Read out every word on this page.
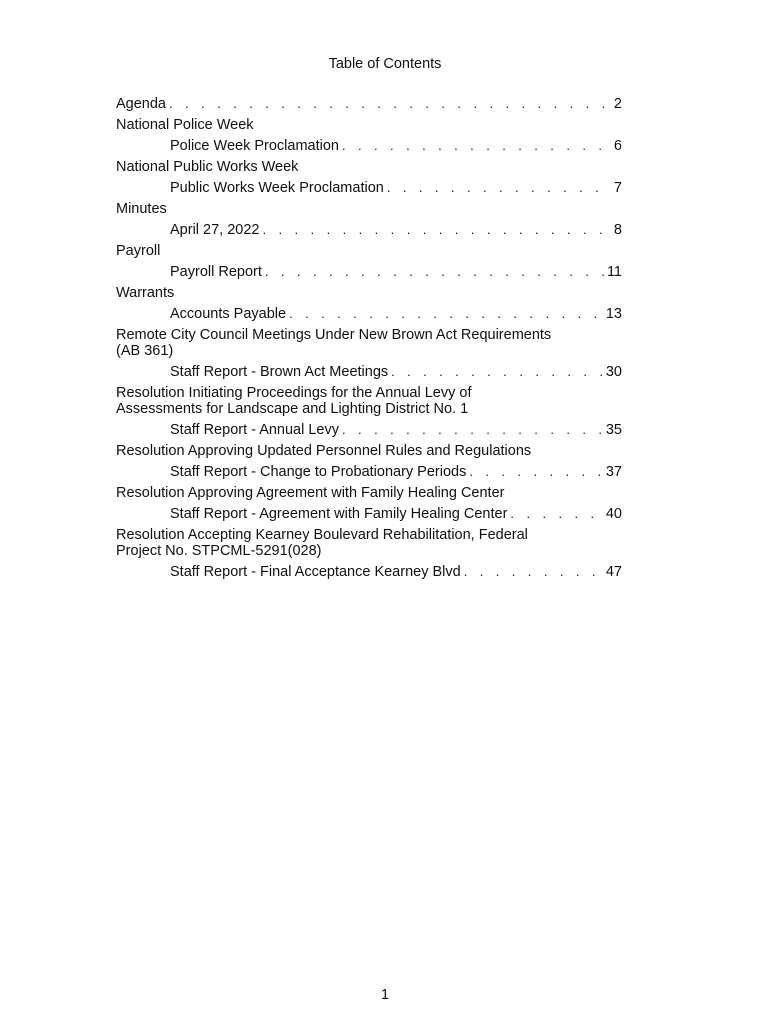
Table of Contents
Agenda . . .	2
National Police Week
Police Week Proclamation . . .	6
National Public Works Week
Public Works Week Proclamation . . .	7
Minutes
April 27, 2022 . . .	8
Payroll
Payroll Report . . .	11
Warrants
Accounts Payable . . .	13
Remote City Council Meetings Under New Brown Act Requirements (AB 361)
Staff Report - Brown Act Meetings . . .	30
Resolution Initiating Proceedings for the Annual Levy of Assessments for Landscape and Lighting District No. 1
Staff Report - Annual Levy . . .	35
Resolution Approving Updated Personnel Rules and Regulations
Staff Report - Change to Probationary Periods . . .	37
Resolution Approving Agreement with Family Healing Center
Staff Report - Agreement with Family Healing Center . . .	40
Resolution Accepting Kearney Boulevard Rehabilitation, Federal Project No. STPCML-5291(028)
Staff Report - Final Acceptance Kearney Blvd . . .	47
1
